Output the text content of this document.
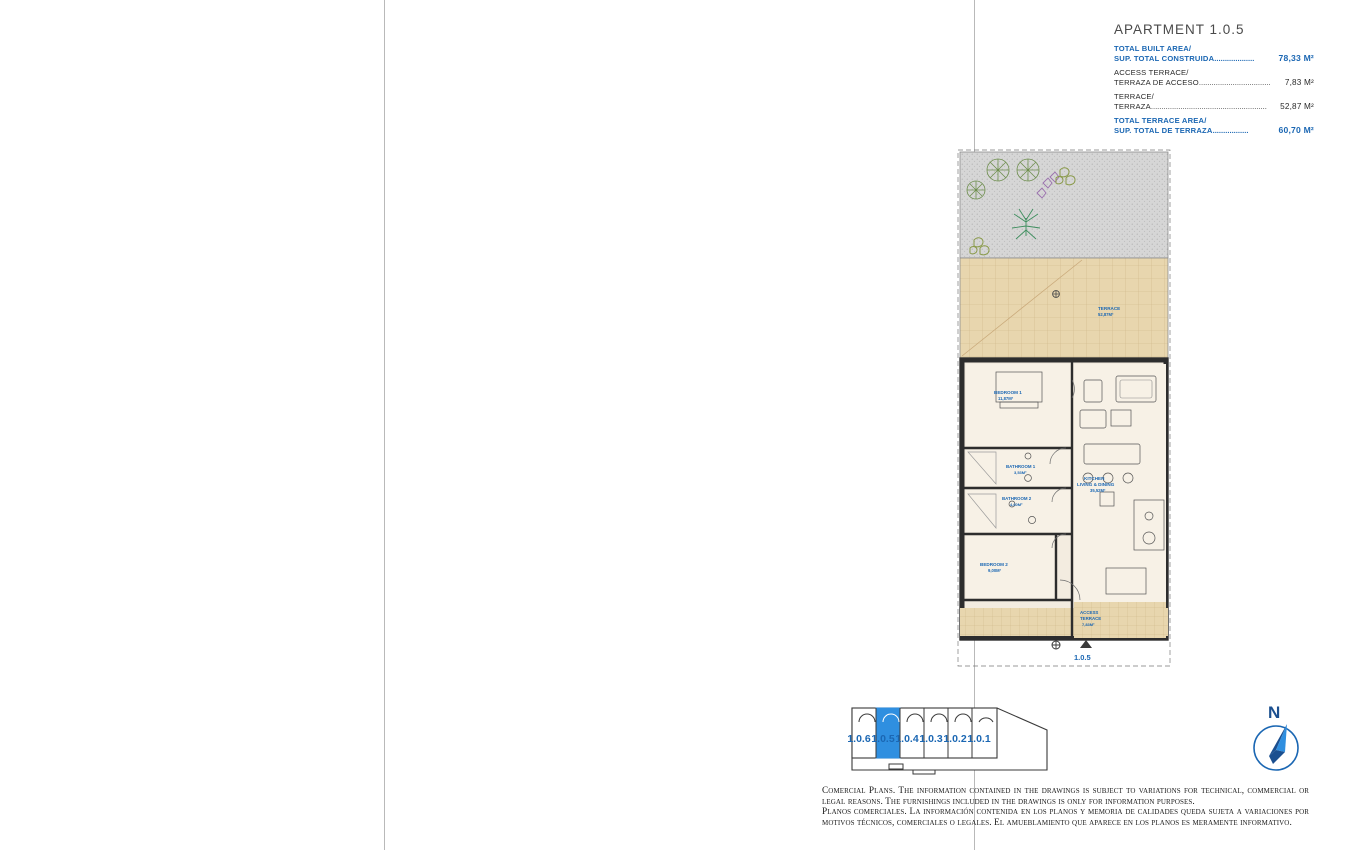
APARTMENT 1.0.5
TOTAL BUILT AREA/
SUP. TOTAL CONSTRUIDA...................	78,33 M²
ACCESS TERRACE/
TERRAZA DE ACCESO..................................	7,83 M²
TERRACE/
TERRAZA.......................................................	52,87 M²
TOTAL TERRACE AREA/
SUP. TOTAL DE TERRAZA.................	60,70 M²
TERRACE
52,87M²
BEDROOM 1
11,87M²
BATHROOM 1
3,53M²
BATHROOM 2
4,60M²
BEDROOM 2
9,00M²
KITCHEN
LIVING & DINING
35,52M²
ACCESS
TERRACE
7,83M²
1.0.5
1.0.6 1.0.5 1.0.4 1.0.3 1.0.2 1.0.1
N

Comercial Plans. The information contained in the drawings is subject to variations for technical, commercial or legal reasons. The furnishings included in the drawings is only for information purposes.

Planos comerciales. La información contenida en los planos y memoria de calidades queda sujeta a variaciones por motivos técnicos, comerciales o legales. El amueblamiento que aparece en los planos es meramente informativo.
